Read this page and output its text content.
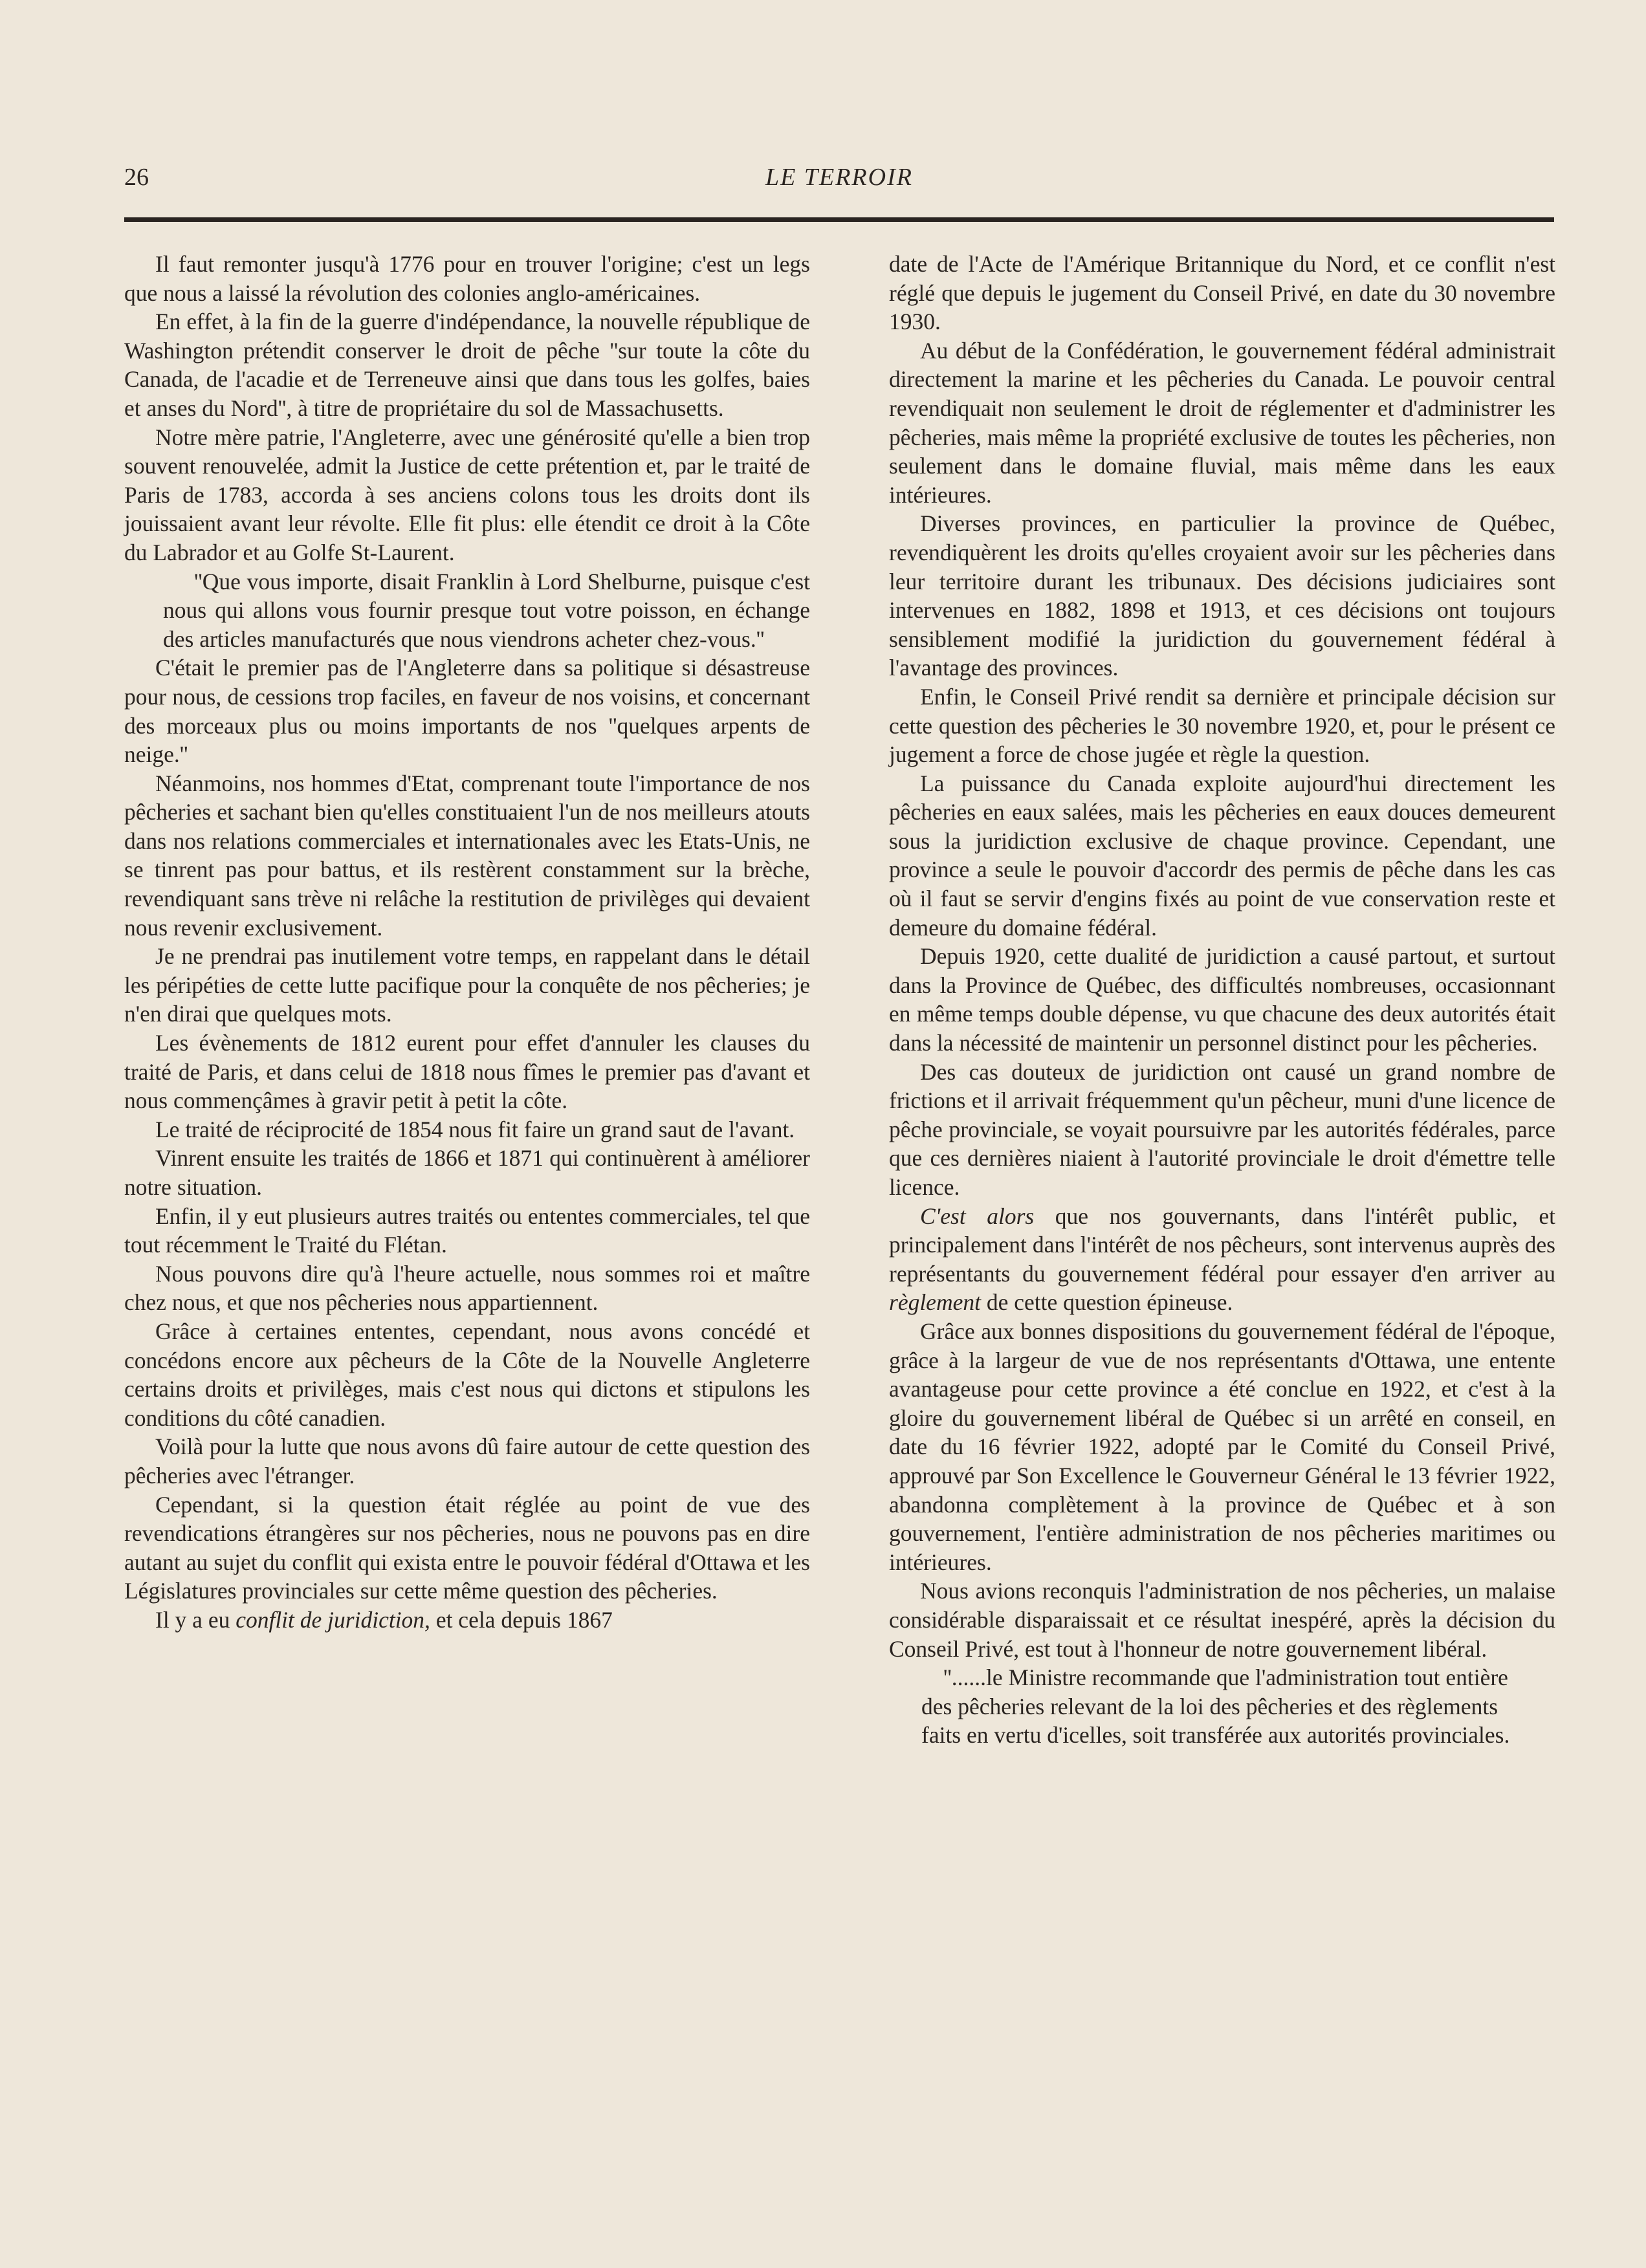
26	LE TERROIR

Il faut remonter jusqu'à 1776 pour en trouver l'origine; c'est un legs que nous a laissé la révolution des colonies anglo-américaines.

En effet, à la fin de la guerre d'indépendance, la nouvelle république de Washington prétendit conserver le droit de pêche ''sur toute la côte du Canada, de l'acadie et de Terreneuve ainsi que dans tous les golfes, baies et anses du Nord'', à titre de propriétaire du sol de Massachusetts.

Notre mère patrie, l'Angleterre, avec une générosité qu'elle a bien trop souvent renouvelée, admit la Justice de cette prétention et, par le traité de Paris de 1783, accorda à ses anciens colons tous les droits dont ils jouissaient avant leur révolte. Elle fit plus: elle étendit ce droit à la Côte du Labrador et au Golfe St-Laurent.

''Que vous importe, disait Franklin à Lord Shelburne, puisque c'est nous qui allons vous fournir presque tout votre poisson, en échange des articles manufacturés que nous viendrons acheter chez-vous.''

C'était le premier pas de l'Angleterre dans sa politique si désastreuse pour nous, de cessions trop faciles, en faveur de nos voisins, et concernant des morceaux plus ou moins importants de nos ''quelques arpents de neige.''

Néanmoins, nos hommes d'Etat, comprenant toute l'importance de nos pêcheries et sachant bien qu'elles constituaient l'un de nos meilleurs atouts dans nos relations commerciales et internationales avec les Etats-Unis, ne se tinrent pas pour battus, et ils restèrent constamment sur la brèche, revendiquant sans trève ni relâche la restitution de privilèges qui devaient nous revenir exclusivement.

Je ne prendrai pas inutilement votre temps, en rappelant dans le détail les péripéties de cette lutte pacifique pour la conquête de nos pêcheries; je n'en dirai que quelques mots.

Les évènements de 1812 eurent pour effet d'annuler les clauses du traité de Paris, et dans celui de 1818 nous fîmes le premier pas d'avant et nous commençâmes à gravir petit à petit la côte.

Le traité de réciprocité de 1854 nous fit faire un grand saut de l'avant.

Vinrent ensuite les traités de 1866 et 1871 qui continuèrent à améliorer notre situation.

Enfin, il y eut plusieurs autres traités ou ententes commerciales, tel que tout récemment le Traité du Flétan.

Nous pouvons dire qu'à l'heure actuelle, nous sommes roi et maître chez nous, et que nos pêcheries nous appartiennent.

Grâce à certaines ententes, cependant, nous avons concédé et concédons encore aux pêcheurs de la Côte de la Nouvelle Angleterre certains droits et privilèges, mais c'est nous qui dictons et stipulons les conditions du côté canadien.

Voilà pour la lutte que nous avons dû faire autour de cette question des pêcheries avec l'étranger.

Cependant, si la question était réglée au point de vue des revendications étrangères sur nos pêcheries, nous ne pouvons pas en dire autant au sujet du conflit qui exista entre le pouvoir fédéral d'Ottawa et les Législatures provinciales sur cette même question des pêcheries.

Il y a eu conflit de juridiction, et cela depuis 1867

date de l'Acte de l'Amérique Britannique du Nord, et ce conflit n'est réglé que depuis le jugement du Conseil Privé, en date du 30 novembre 1930.

Au début de la Confédération, le gouvernement fédéral administrait directement la marine et les pêcheries du Canada. Le pouvoir central revendiquait non seulement le droit de réglementer et d'administrer les pêcheries, mais même la propriété exclusive de toutes les pêcheries, non seulement dans le domaine fluvial, mais même dans les eaux intérieures.

Diverses provinces, en particulier la province de Québec, revendiquèrent les droits qu'elles croyaient avoir sur les pêcheries dans leur territoire durant les tribunaux. Des décisions judiciaires sont intervenues en 1882, 1898 et 1913, et ces décisions ont toujours sensiblement modifié la juridiction du gouvernement fédéral à l'avantage des provinces.

Enfin, le Conseil Privé rendit sa dernière et principale décision sur cette question des pêcheries le 30 novembre 1920, et, pour le présent ce jugement a force de chose jugée et règle la question.

La puissance du Canada exploite aujourd'hui directement les pêcheries en eaux salées, mais les pêcheries en eaux douces demeurent sous la juridiction exclusive de chaque province. Cependant, une province a seule le pouvoir d'accordr des permis de pêche dans les cas où il faut se servir d'engins fixés au point de vue conservation reste et demeure du domaine fédéral.

Depuis 1920, cette dualité de juridiction a causé partout, et surtout dans la Province de Québec, des difficultés nombreuses, occasionnant en même temps double dépense, vu que chacune des deux autorités était dans la nécessité de maintenir un personnel distinct pour les pêcheries.

Des cas douteux de juridiction ont causé un grand nombre de frictions et il arrivait fréquemment qu'un pêcheur, muni d'une licence de pêche provinciale, se voyait poursuivre par les autorités fédérales, parce que ces dernières niaient à l'autorité provinciale le droit d'émettre telle licence.

C'est alors que nos gouvernants, dans l'intérêt public, et principalement dans l'intérêt de nos pêcheurs, sont intervenus auprès des représentants du gouvernement fédéral pour essayer d'en arriver au règlement de cette question épineuse.

Grâce aux bonnes dispositions du gouvernement fédéral de l'époque, grâce à la largeur de vue de nos représentants d'Ottawa, une entente avantageuse pour cette province a été conclue en 1922, et c'est à la gloire du gouvernement libéral de Québec si un arrêté en conseil, en date du 16 février 1922, adopté par le Comité du Conseil Privé, approuvé par Son Excellence le Gouverneur Général le 13 février 1922, abandonna complètement à la province de Québec et à son gouvernement, l'entière administration de nos pêcheries maritimes ou intérieures.

Nous avions reconquis l'administration de nos pêcheries, un malaise considérable disparaissait et ce résultat inespéré, après la décision du Conseil Privé, est tout à l'honneur de notre gouvernement libéral.

''......le Ministre recommande que l'administration tout entière des pêcheries relevant de la loi des pêcheries et des règlements faits en vertu d'icelles, soit transférée aux autorités provinciales.
